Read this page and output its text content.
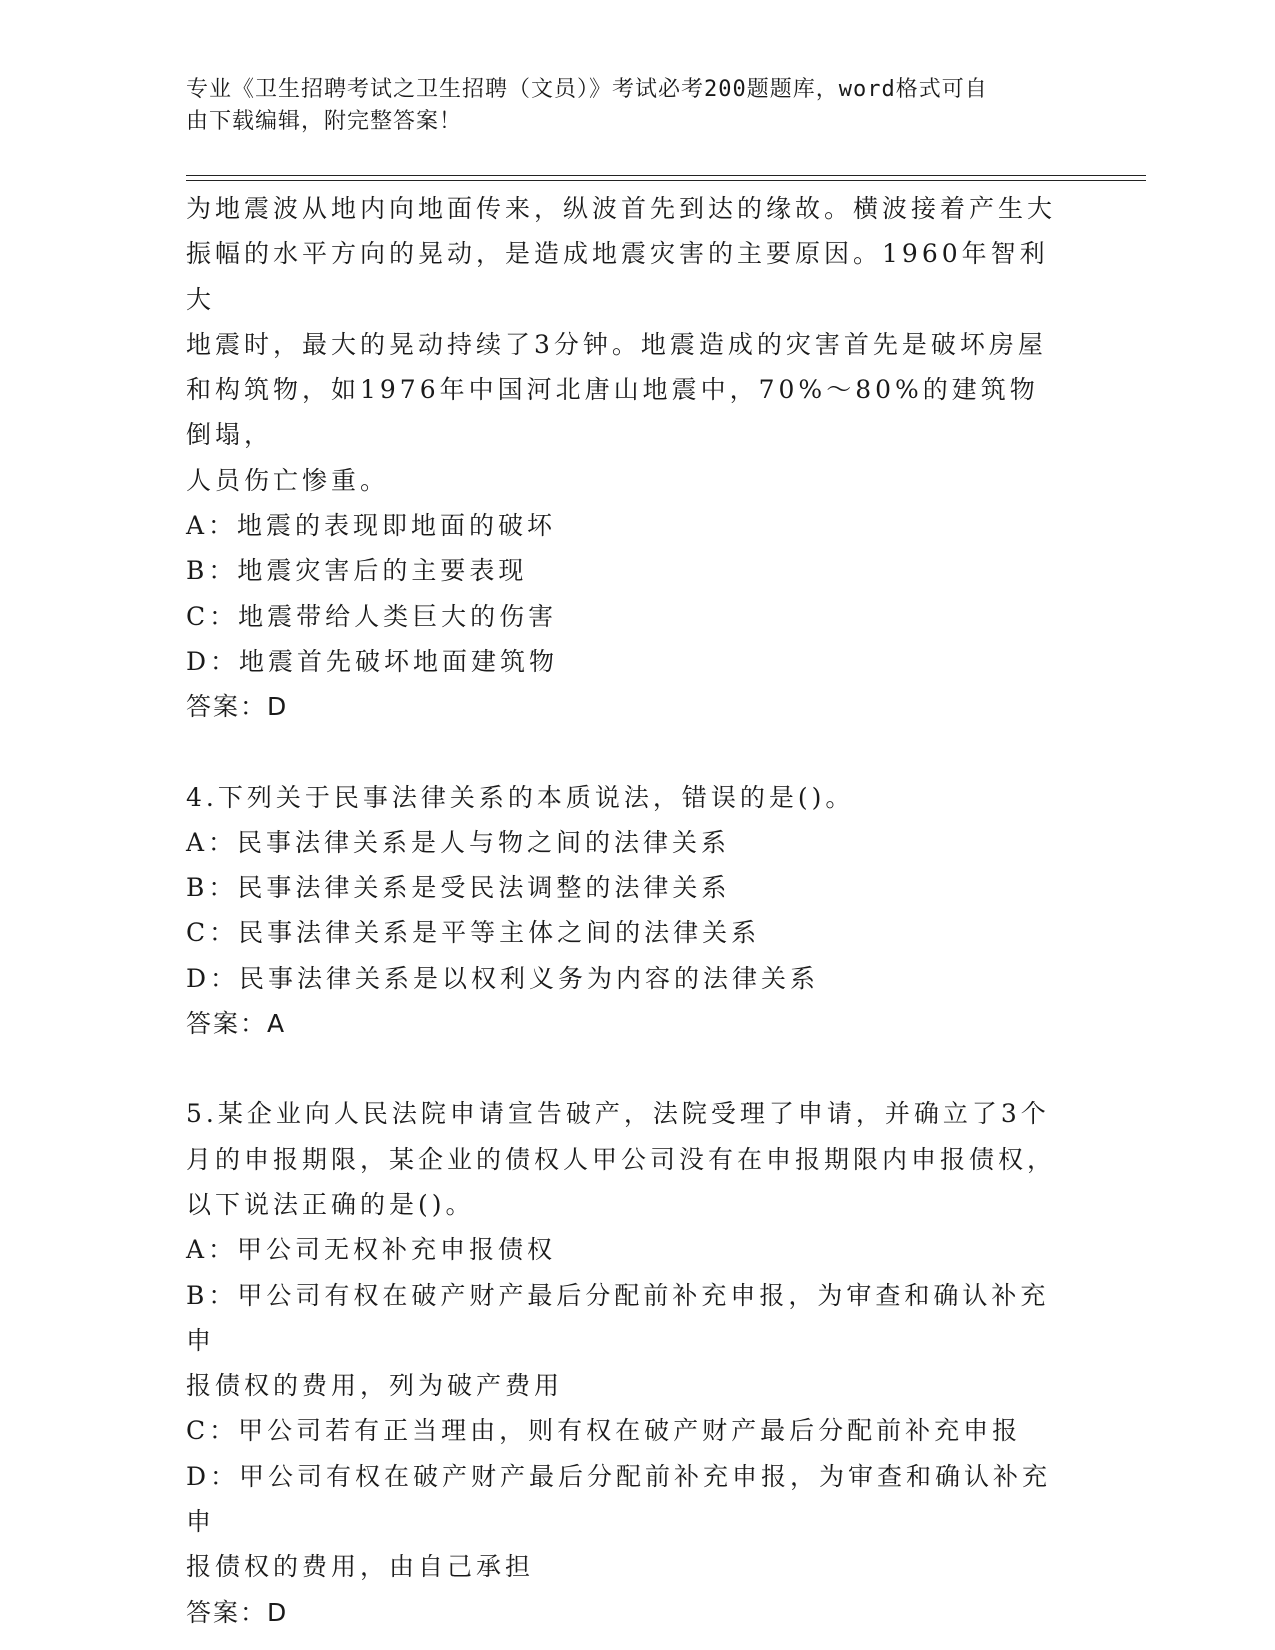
专业《卫生招聘考试之卫生招聘（文员）》考试必考200题题库，word格式可自
由下载编辑，附完整答案！

为地震波从地内向地面传来，纵波首先到达的缘故。横波接着产生大

振幅的水平方向的晃动，是造成地震灾害的主要原因。1960年智利大

地震时，最大的晃动持续了3分钟。地震造成的灾害首先是破坏房屋

和构筑物，如1976年中国河北唐山地震中，70%～80%的建筑物倒塌，

人员伤亡惨重。

A：地震的表现即地面的破坏

B：地震灾害后的主要表现

C：地震带给人类巨大的伤害

D：地震首先破坏地面建筑物

答案：D

4.下列关于民事法律关系的本质说法，错误的是()。

A：民事法律关系是人与物之间的法律关系

B：民事法律关系是受民法调整的法律关系

C：民事法律关系是平等主体之间的法律关系

D：民事法律关系是以权利义务为内容的法律关系

答案：A

5.某企业向人民法院申请宣告破产，法院受理了申请，并确立了3个

月的申报期限，某企业的债权人甲公司没有在申报期限内申报债权，

以下说法正确的是()。

A：甲公司无权补充申报债权

B：甲公司有权在破产财产最后分配前补充申报，为审查和确认补充申

报债权的费用，列为破产费用

C：甲公司若有正当理由，则有权在破产财产最后分配前补充申报

D：甲公司有权在破产财产最后分配前补充申报，为审查和确认补充申

报债权的费用，由自己承担

答案：D
